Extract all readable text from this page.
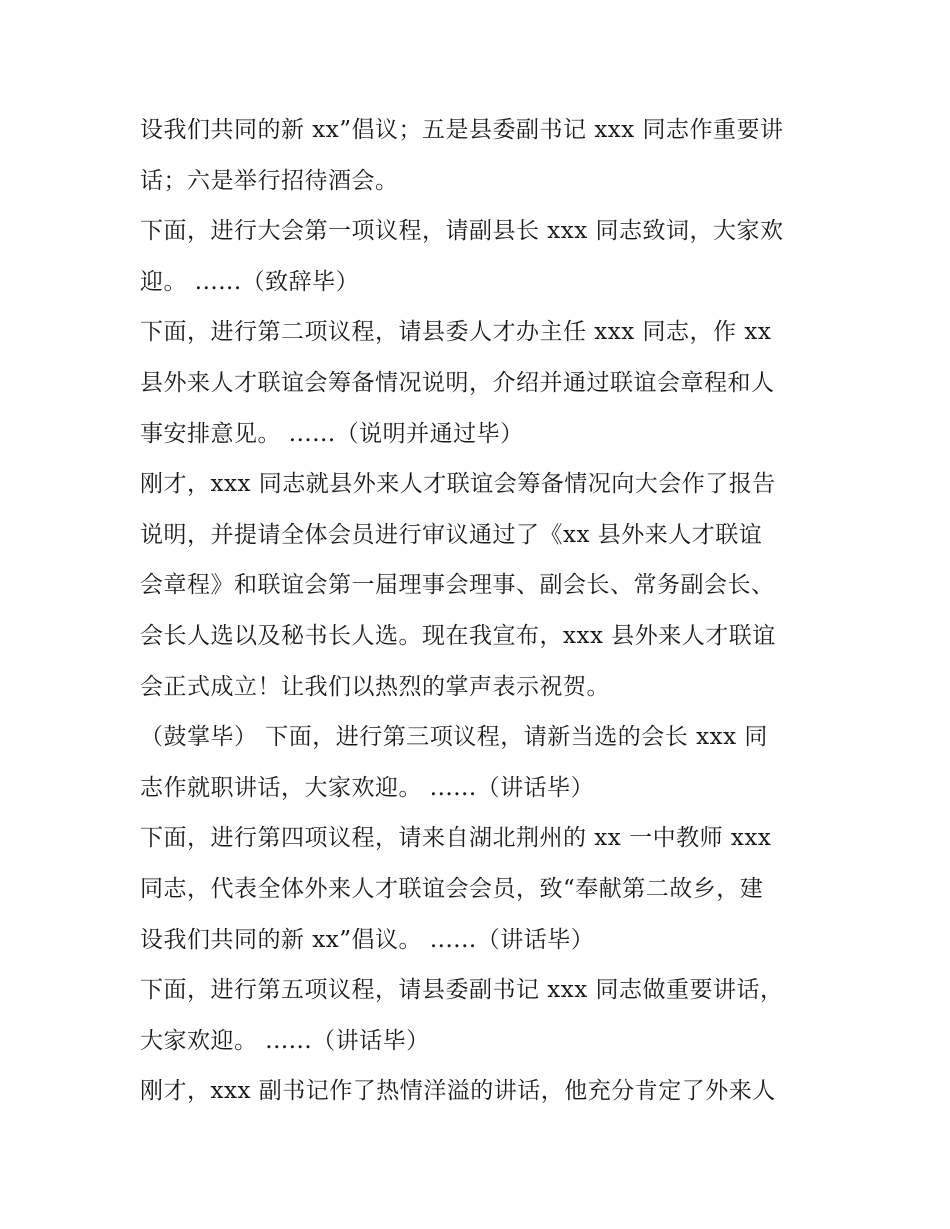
设我们共同的新 xx”倡议；五是县委副书记 xxx 同志作重要讲
话；六是举行招待酒会。
下面，进行大会第一项议程，请副县长 xxx 同志致词，大家欢
迎。 ......（致辞毕）
下面，进行第二项议程，请县委人才办主任 xxx 同志，作 xx
县外来人才联谊会筹备情况说明，介绍并通过联谊会章程和人
事安排意见。 ......（说明并通过毕）
刚才，xxx 同志就县外来人才联谊会筹备情况向大会作了报告
说明，并提请全体会员进行审议通过了《xx 县外来人才联谊
会章程》和联谊会第一届理事会理事、副会长、常务副会长、
会长人选以及秘书长人选。现在我宣布，xxx 县外来人才联谊
会正式成立！让我们以热烈的掌声表示祝贺。
（鼓掌毕） 下面，进行第三项议程，请新当选的会长 xxx 同
志作就职讲话，大家欢迎。 ......（讲话毕）
下面，进行第四项议程，请来自湖北荆州的 xx 一中教师 xxx
同志，代表全体外来人才联谊会会员，致“奉献第二故乡，建
设我们共同的新 xx”倡议。 ......（讲话毕）
下面，进行第五项议程，请县委副书记 xxx 同志做重要讲话，
大家欢迎。 ......（讲话毕）
刚才，xxx 副书记作了热情洋溢的讲话，他充分肯定了外来人
